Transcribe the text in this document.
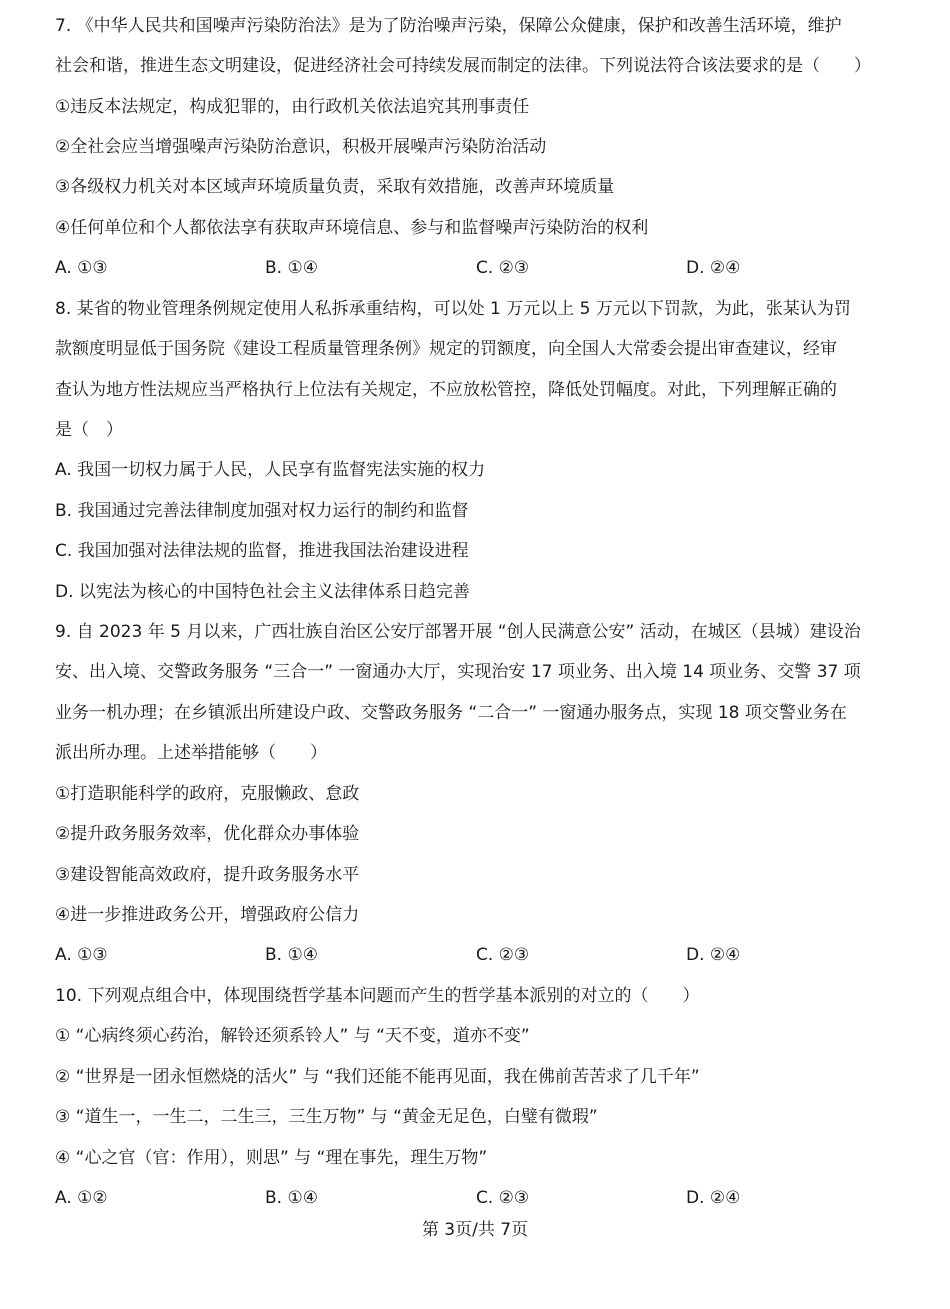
7. 《中华人民共和国噪声污染防治法》是为了防治噪声污染，保障公众健康，保护和改善生活环境，维护
社会和谐，推进生态文明建设，促进经济社会可持续发展而制定的法律。下列说法符合该法要求的是（　　）
①违反本法规定，构成犯罪的，由行政机关依法追究其刑事责任
②全社会应当增强噪声污染防治意识，积极开展噪声污染防治活动
③各级权力机关对本区域声环境质量负责，采取有效措施，改善声环境质量
④任何单位和个人都依法享有获取声环境信息、参与和监督噪声污染防治的权利
A. ①③	B. ①④	C. ②③	D. ②④
8. 某省的物业管理条例规定使用人私拆承重结构，可以处 1 万元以上 5 万元以下罚款，为此，张某认为罚
款额度明显低于国务院《建设工程质量管理条例》规定的罚额度，向全国人大常委会提出审查建议，经审
查认为地方性法规应当严格执行上位法有关规定，不应放松管控，降低处罚幅度。对此，下列理解正确的
是（　）
A. 我国一切权力属于人民，人民享有监督宪法实施的权力
B. 我国通过完善法律制度加强对权力运行的制约和监督
C. 我国加强对法律法规的监督，推进我国法治建设进程
D. 以宪法为核心的中国特色社会主义法律体系日趋完善
9. 自 2023 年 5 月以来，广西壮族自治区公安厅部署开展 “创人民满意公安” 活动，在城区（县城）建设治
安、出入境、交警政务服务 “三合一” 一窗通办大厅，实现治安 17 项业务、出入境 14 项业务、交警 37 项
业务一机办理；在乡镇派出所建设户政、交警政务服务 “二合一” 一窗通办服务点，实现 18 项交警业务在
派出所办理。上述举措能够（　　）
①打造职能科学的政府，克服懒政、怠政
②提升政务服务效率，优化群众办事体验
③建设智能高效政府，提升政务服务水平
④进一步推进政务公开，增强政府公信力
A. ①③	B. ①④	C. ②③	D. ②④
10. 下列观点组合中，体现围绕哲学基本问题而产生的哲学基本派别的对立的（　　）
① “心病终须心药治，解铃还须系铃人” 与 “天不变，道亦不变”
② “世界是一团永恒燃烧的活火” 与 “我们还能不能再见面，我在佛前苦苦求了几千年”
③ “道生一，一生二，二生三，三生万物” 与 “黄金无足色，白璧有微瑕”
④ “心之官（官：作用），则思” 与 “理在事先，理生万物”
A. ①②	B. ①④	C. ②③	D. ②④
第 3页/共 7页
